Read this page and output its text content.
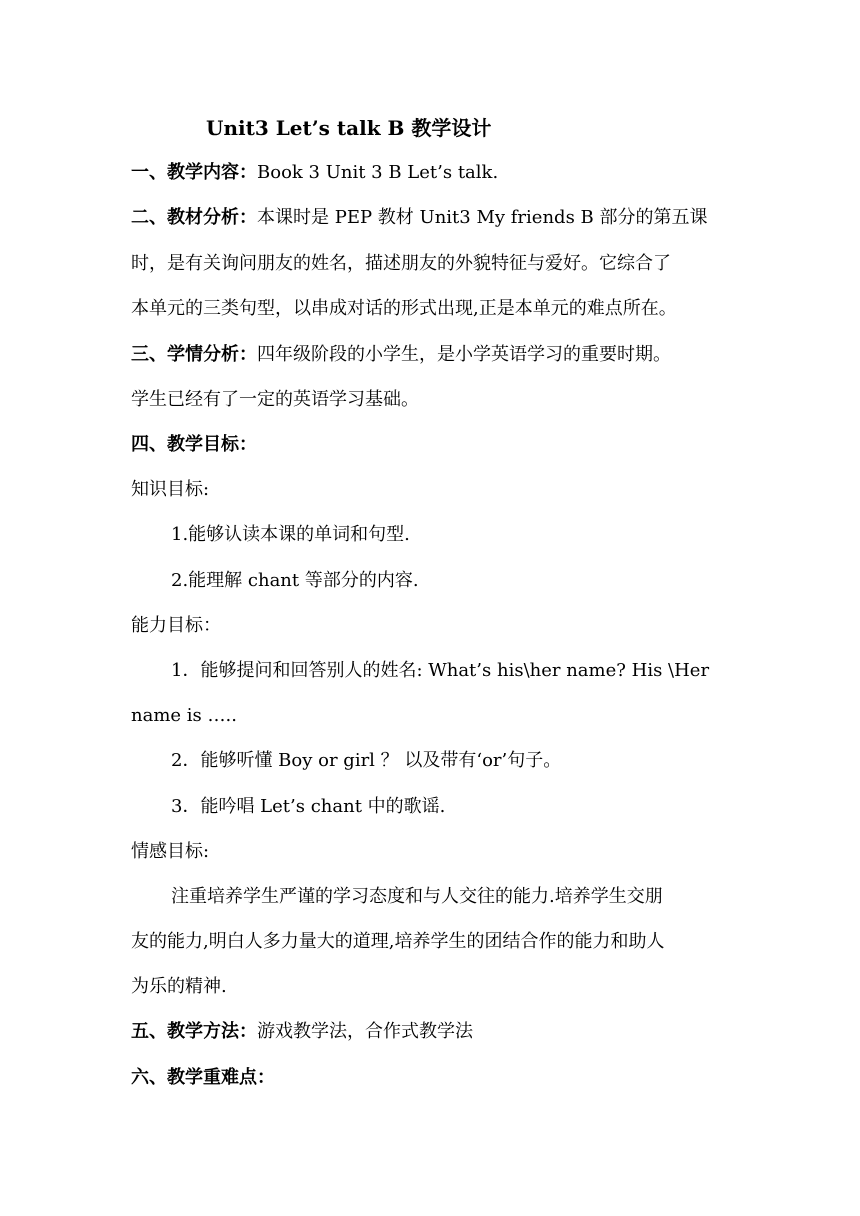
Unit3 Let’s talk B 教学设计
一、教学内容：Book 3 Unit 3 B Let’s talk.
二、教材分析：本课时是 PEP 教材 Unit3 My friends B 部分的第五课
时，是有关询问朋友的姓名，描述朋友的外貌特征与爱好。它综合了
本单元的三类句型，以串成对话的形式出现,正是本单元的难点所在。
三、学情分析：四年级阶段的小学生，是小学英语学习的重要时期。
学生已经有了一定的英语学习基础。
四、教学目标：
知识目标:
1.能够认读本课的单词和句型.
2.能理解 chant 等部分的内容.
能力目标：
1．能够提问和回答别人的姓名: What’s his\her name? His \Her
name is …..
2．能够听懂 Boy or girl ？ 以及带有‘or’句子。
3．能吟唱 Let’s chant 中的歌谣.
情感目标:
注重培养学生严谨的学习态度和与人交往的能力.培养学生交朋
友的能力,明白人多力量大的道理,培养学生的团结合作的能力和助人
为乐的精神.
五、教学方法：游戏教学法，合作式教学法
六、教学重难点：
